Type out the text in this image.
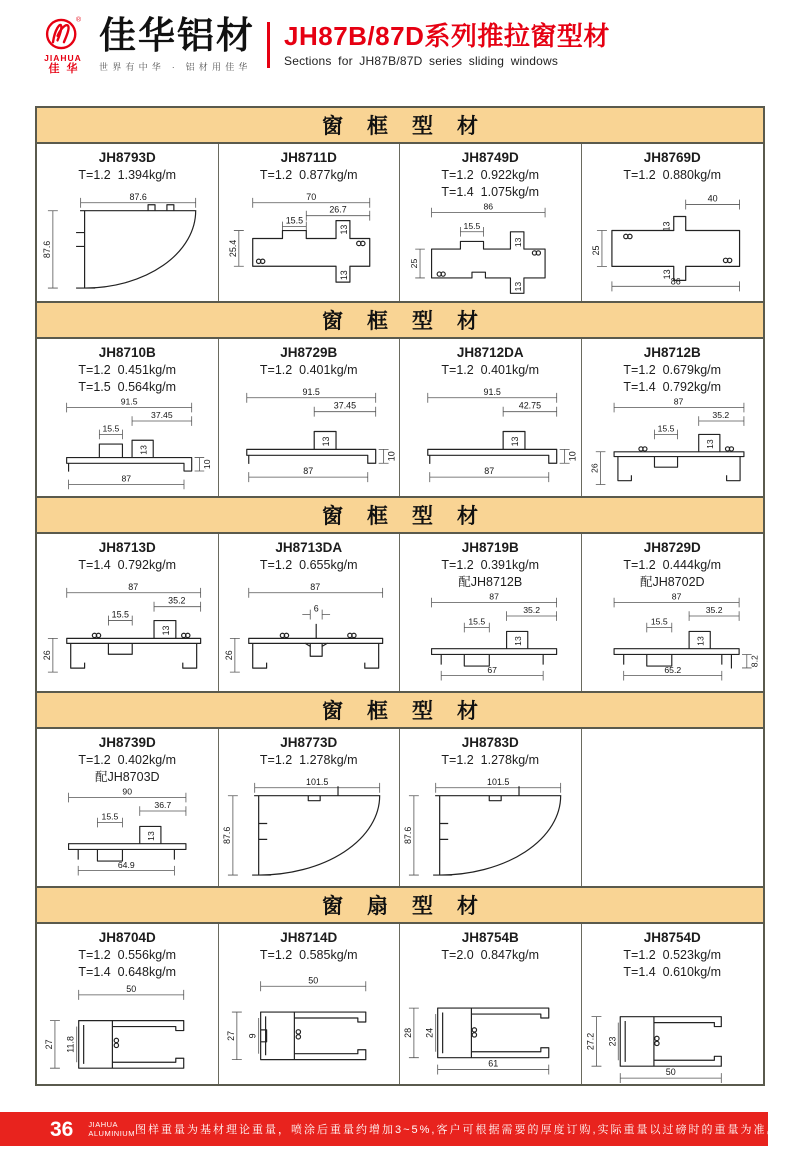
®
JIAHUA
佳华
佳华铝材
世界有中华 · 铝材用佳华
JH87B/87D系列推拉窗型材
Sections for JH87B/87D series sliding windows
窗框型材
JH8793D
T=1.2  1.394kg/m
87.6
87.6
JH8711D
T=1.2  0.877kg/m
70
26.7
15.5
13
25.4
13
JH8749D
T=1.2  0.922kg/m
T=1.4  1.075kg/m
86
15.5
13
25
13
JH8769D
T=1.2  0.880kg/m
40
13
25
13
86
窗框型材
JH8710B
T=1.2  0.451kg/m
T=1.5  0.564kg/m
91.5
37.45
15.5
13
10
87
JH8729B
T=1.2  0.401kg/m
91.5
37.45
13
10
87
JH8712DA
T=1.2  0.401kg/m
91.5
42.75
13
10
87
JH8712B
T=1.2  0.679kg/m
T=1.4  0.792kg/m
87
35.2
15.5
13
26
窗框型材
JH8713D
T=1.4  0.792kg/m
87
35.2
15.5
13
26
JH8713DA
T=1.2  0.655kg/m
87
6
26
JH8719B
T=1.2  0.391kg/m
配JH8712B
87
35.2
15.5
13
67
JH8729D
T=1.2  0.444kg/m
配JH8702D
87
35.2
15.5
13
65.2
8.2
窗框型材
JH8739D
T=1.2  0.402kg/m
配JH8703D
90
36.7
15.5
13
64.9
JH8773D
T=1.2  1.278kg/m
101.5
87.6
JH8783D
T=1.2  1.278kg/m
101.5
87.6
窗扇型材
JH8704D
T=1.2  0.556kg/m
T=1.4  0.648kg/m
50
27 11.8
JH8714D
T=1.2  0.585kg/m
50
27 9
JH8754B
T=2.0  0.847kg/m
28 24
61
JH8754D
T=1.2  0.523kg/m
T=1.4  0.610kg/m
27.2 23
50
36 JIAHUA
ALUMINIUM 图样重量为基材理论重量，喷涂后重量约增加3~5%,客户可根据需要的厚度订购,实际重量以过磅时的重量为准。
